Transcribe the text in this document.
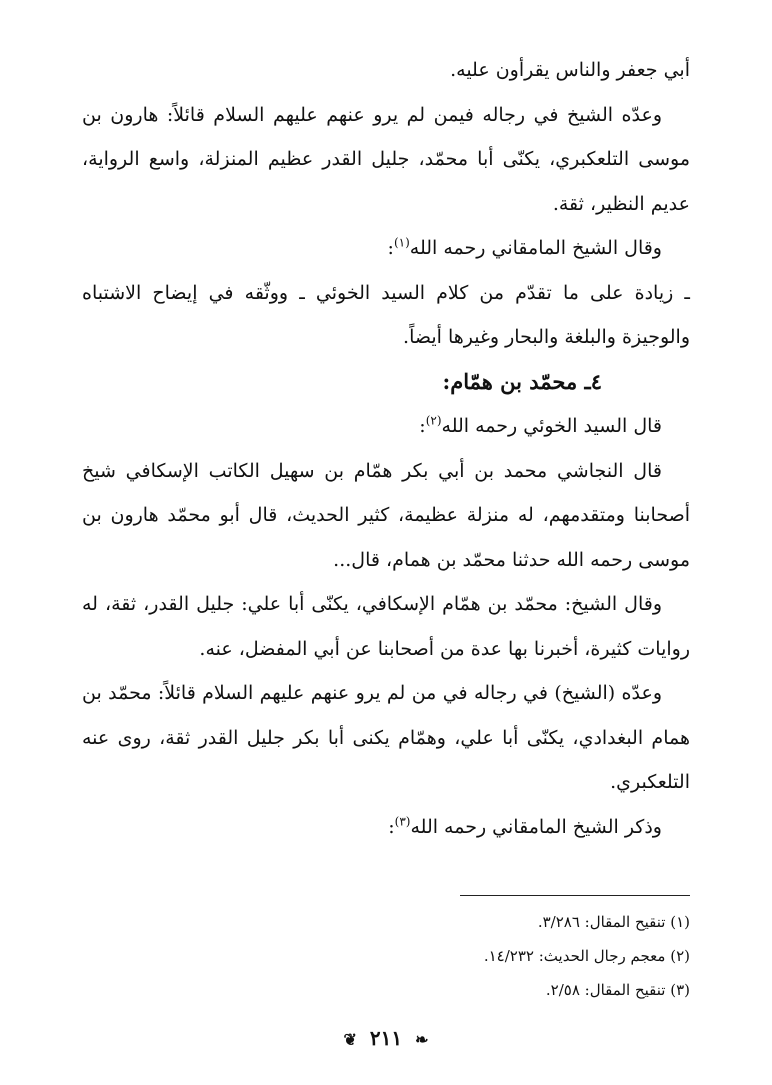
أبي جعفر والناس يقرأون عليه.

وعدّه الشيخ في رجاله فيمن لم يرو عنهم عليهم السلام قائلاً: هارون بن موسى التلعكبري، يكنّى أبا محمّد، جليل القدر عظيم المنزلة، واسع الرواية، عديم النظير، ثقة.

وقال الشيخ المامقاني رحمه الله$^{(١)}$:

ـ زيادة على ما تقدّم من كلام السيد الخوئي ـ ووثّقه في إيضاح الاشتباه والوجيزة والبلغة والبحار وغيرها أيضاً.

٤ـ محمّد بن همّام:

قال السيد الخوئي رحمه الله$^{(٢)}$:

قال النجاشي محمد بن أبي بكر همّام بن سهيل الكاتب الإسكافي شيخ أصحابنا ومتقدمهم، له منزلة عظيمة، كثير الحديث، قال أبو محمّد هارون بن موسى رحمه الله حدثنا محمّد بن همام، قال...

وقال الشيخ: محمّد بن همّام الإسكافي، يكنّى أبا علي: جليل القدر، ثقة، له روايات كثيرة، أخبرنا بها عدة من أصحابنا عن أبي المفضل، عنه.

وعدّه (الشيخ) في رجاله في من لم يرو عنهم عليهم السلام قائلاً: محمّد بن همام البغدادي، يكنّى أبا علي، وهمّام يكنى أبا بكر جليل القدر ثقة، روى عنه التلعكبري.

وذكر الشيخ المامقاني رحمه الله$^{(٣)}$:

(١) تنقيح المقال: ٣/٢٨٦.

(٢) معجم رجال الحديث: ١٤/٢٣٢.

(٣) تنقيح المقال: ٢/٥٨.

❦ ٢١١ ❧
